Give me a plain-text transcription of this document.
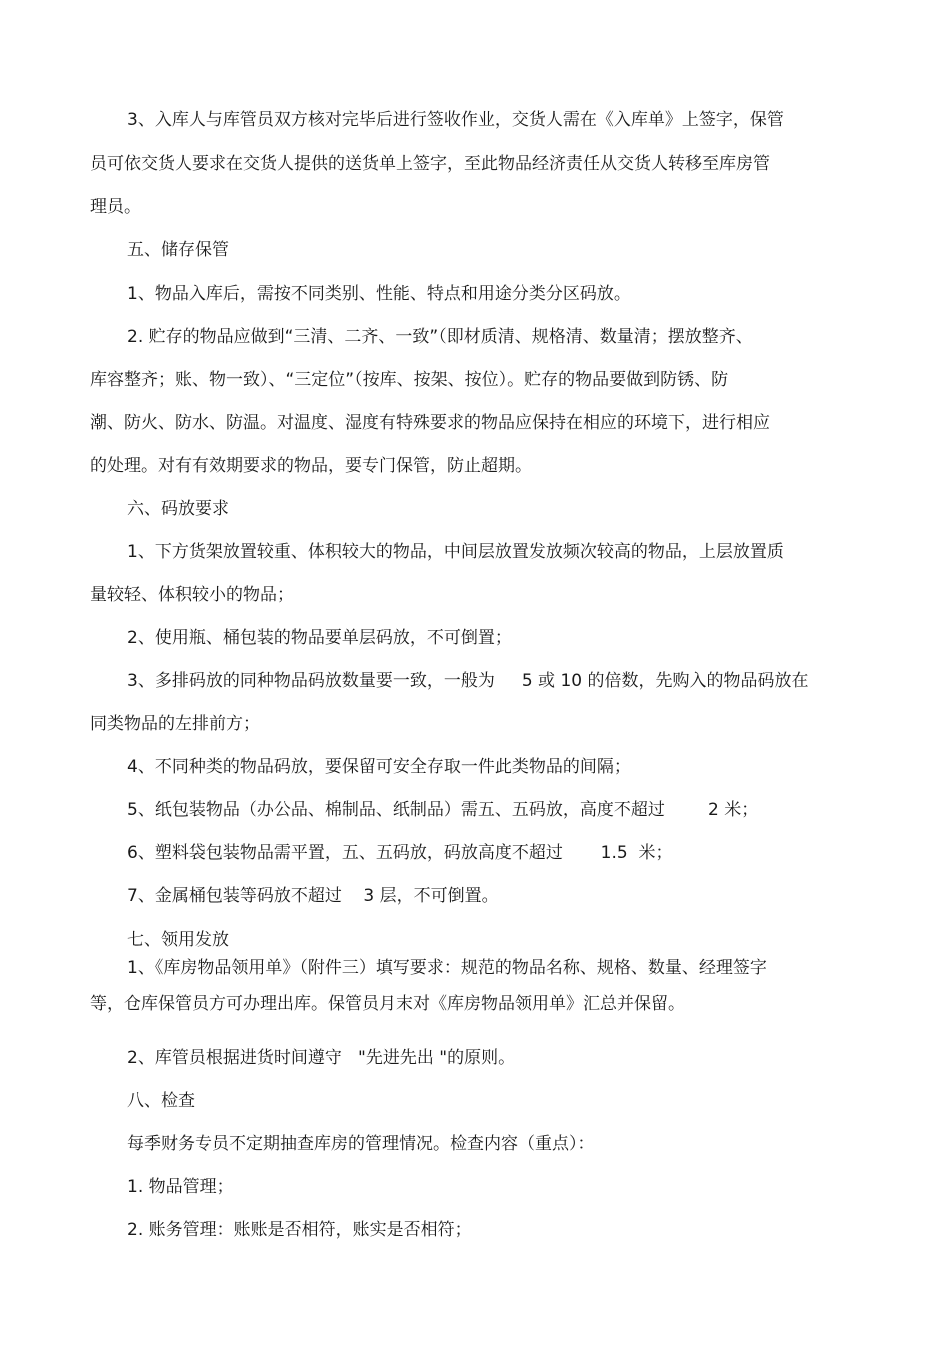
3、入库人与库管员双方核对完毕后进行签收作业，交货人需在《入库单》上签字，保管

员可依交货人要求在交货人提供的送货单上签字，至此物品经济责任从交货人转移至库房管

理员。

五、储存保管

1、物品入库后，需按不同类别、性能、特点和用途分类分区码放。

2. 贮存的物品应做到“三清、二齐、一致”（即材质清、规格清、数量清；摆放整齐、

库容整齐；账、物一致）、“三定位”（按库、按架、按位）。贮存的物品要做到防锈、防

潮、防火、防水、防温。对温度、湿度有特殊要求的物品应保持在相应的环境下，进行相应

的处理。对有有效期要求的物品，要专门保管，防止超期。

六、码放要求

1、下方货架放置较重、体积较大的物品，中间层放置发放频次较高的物品，上层放置质

量较轻、体积较小的物品；

2、使用瓶、桶包装的物品要单层码放，不可倒置；

3、多排码放的同种物品码放数量要一致，一般为     5 或 10 的倍数，先购入的物品码放在

同类物品的左排前方；

4、不同种类的物品码放，要保留可安全存取一件此类物品的间隔；

5、纸包装物品（办公品、棉制品、纸制品）需五、五码放，高度不超过        2 米；

6、塑料袋包装物品需平置，五、五码放，码放高度不超过       1.5  米；

7、金属桶包装等码放不超过    3 层，不可倒置。

七、领用发放

1、《库房物品领用单》（附件三）填写要求：规范的物品名称、规格、数量、经理签字

等，仓库保管员方可办理出库。保管员月末对《库房物品领用单》汇总并保留。

2、库管员根据进货时间遵守   "先进先出 "的原则。

八、检查

每季财务专员不定期抽查库房的管理情况。检查内容（重点）：

1. 物品管理；

2. 账务管理：账账是否相符，账实是否相符；
